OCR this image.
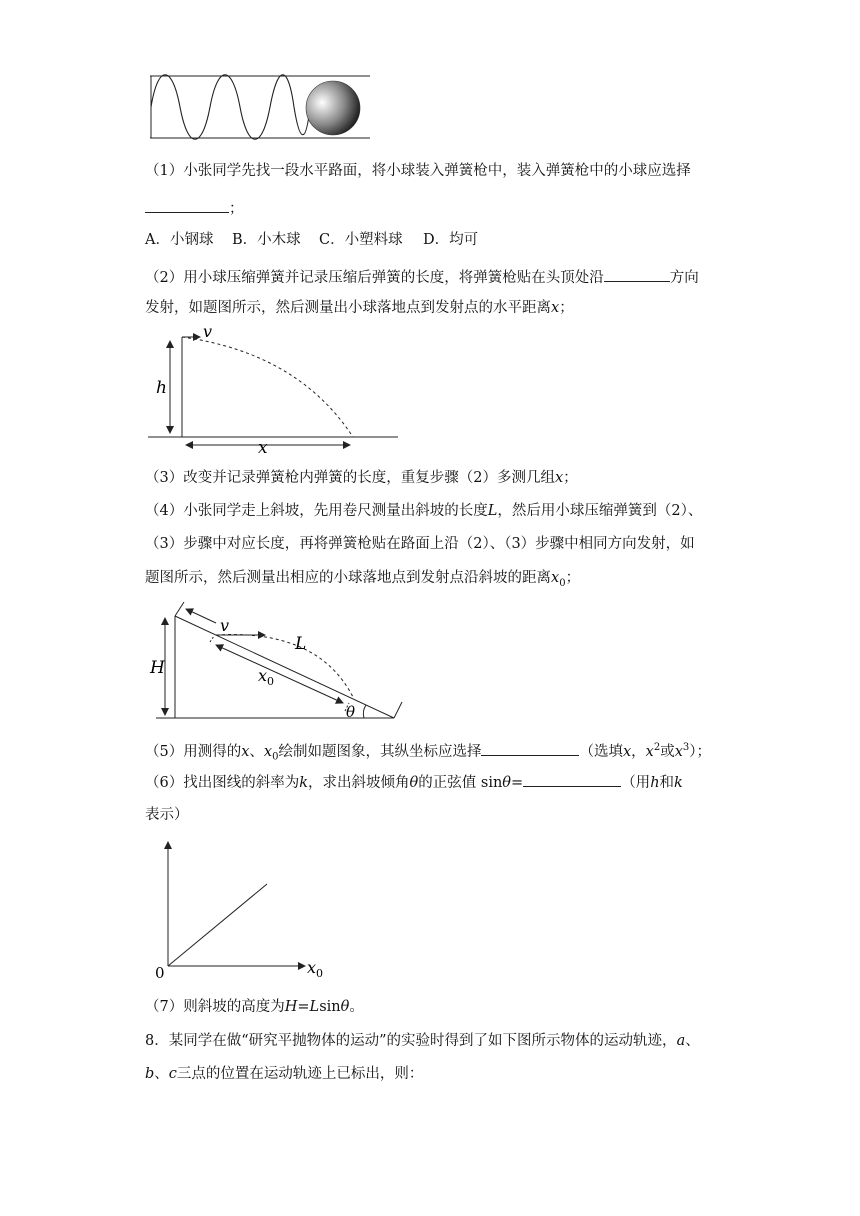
（1）小张同学先找一段水平路面，将小球装入弹簧枪中，装入弹簧枪中的小球应选择
；
A．小钢球 B．小木球 C．小塑料球 D．均可
（2）用小球压缩弹簧并记录压缩后弹簧的长度，将弹簧枪贴在头顶处沿	方向
发射，如题图所示，然后测量出小球落地点到发射点的水平距离x；
v
h
x
（3）改变并记录弹簧枪内弹簧的长度，重复步骤（2）多测几组x；
（4）小张同学走上斜坡，先用卷尺测量出斜坡的长度L，然后用小球压缩弹簧到（2）、
（3）步骤中对应长度，再将弹簧枪贴在路面上沿（2）、（3）步骤中相同方向发射，如
题图所示，然后测量出相应的小球落地点到发射点沿斜坡的距离$x_0$；
v
L
H	$x_0$
θ
（5）用测得的x、$x_0$绘制如题图象，其纵坐标应选择	（选填x，$x^2$或$x^3$）；
（6）找出图线的斜率为k，求出斜坡倾角θ的正弦值 sinθ=	（用h和k
表示）
0	$x_0$
（7）则斜坡的高度为H=Lsinθ。
8．某同学在做“研究平抛物体的运动”的实验时得到了如下图所示物体的运动轨迹，a、
b、c三点的位置在运动轨迹上已标出，则：
